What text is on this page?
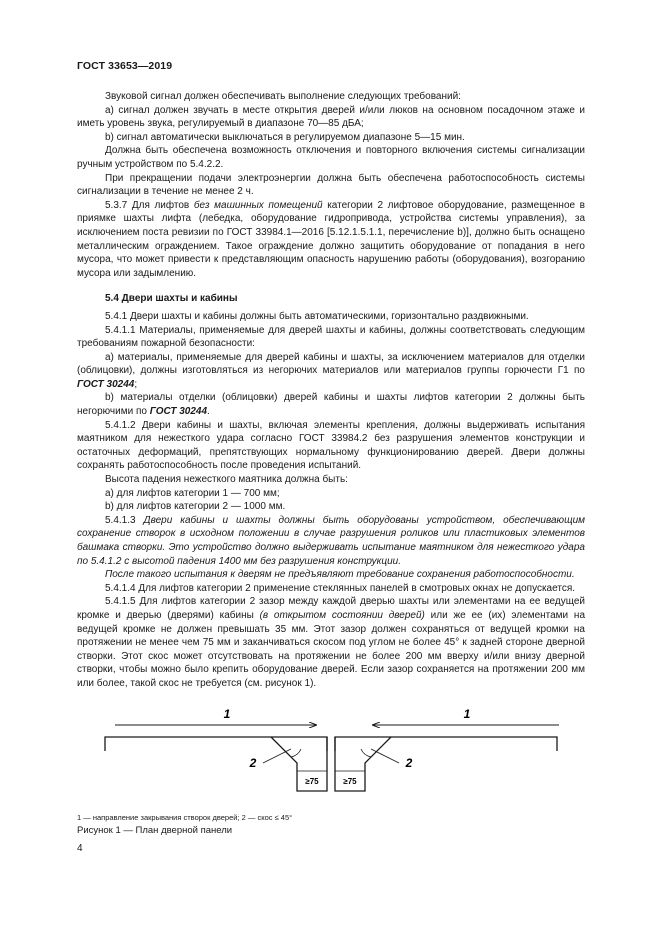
ГОСТ 33653—2019

Звуковой сигнал должен обеспечивать выполнение следующих требований:

a) сигнал должен звучать в месте открытия дверей и/или люков на основном посадочном этаже и иметь уровень звука, регулируемый в диапазоне 70—85 дБА;

b) сигнал автоматически выключаться в регулируемом диапазоне 5—15 мин.

Должна быть обеспечена возможность отключения и повторного включения системы сигнализации ручным устройством по 5.4.2.2.

При прекращении подачи электроэнергии должна быть обеспечена работоспособность системы сигнализации в течение не менее 2 ч.

5.3.7 Для лифтов без машинных помещений категории 2 лифтовое оборудование, размещенное в приямке шахты лифта (лебедка, оборудование гидропривода, устройства системы управления), за исключением поста ревизии по ГОСТ 33984.1—2016 [5.12.1.5.1.1, перечисление b)], должно быть оснащено металлическим ограждением. Такое ограждение должно защитить оборудование от попадания в него мусора, что может привести к представляющим опасность нарушению работы (оборудования), возгоранию мусора или задымлению.

5.4 Двери шахты и кабины

5.4.1 Двери шахты и кабины должны быть автоматическими, горизонтально раздвижными.

5.4.1.1 Материалы, применяемые для дверей шахты и кабины, должны соответствовать следующим требованиям пожарной безопасности:

a) материалы, применяемые для дверей кабины и шахты, за исключением материалов для отделки (облицовки), должны изготовляться из негорючих материалов или материалов группы горючести Г1 по ГОСТ 30244;

b) материалы отделки (облицовки) дверей кабины и шахты лифтов категории 2 должны быть негорючими по ГОСТ 30244.

5.4.1.2 Двери кабины и шахты, включая элементы крепления, должны выдерживать испытания маятником для нежесткого удара согласно ГОСТ 33984.2 без разрушения элементов конструкции и остаточных деформаций, препятствующих нормальному функционированию дверей. Двери должны сохранять работоспособность после проведения испытаний.

Высота падения нежесткого маятника должна быть:

a) для лифтов категории 1 — 700 мм;

b) для лифтов категории 2 — 1000 мм.

5.4.1.3 Двери кабины и шахты должны быть оборудованы устройством, обеспечивающим сохранение створок в исходном положении в случае разрушения роликов или пластиковых элементов башмака створки. Это устройство должно выдерживать испытание маятником для нежесткого удара по 5.4.1.2 с высотой падения 1400 мм без разрушения конструкции.

После такого испытания к дверям не предъявляют требование сохранения работоспособности.

5.4.1.4 Для лифтов категории 2 применение стеклянных панелей в смотровых окнах не допускается.

5.4.1.5 Для лифтов категории 2 зазор между каждой дверью шахты или элементами на ее ведущей кромке и дверью (дверями) кабины (в открытом состоянии дверей) или же ее (их) элементами на ведущей кромке не должен превышать 35 мм. Этот зазор должен сохраняться от ведущей кромки на протяжении не менее чем 75 мм и заканчиваться скосом под углом не более 45° к задней стороне дверной створки. Этот скос может отсутствовать на протяжении не более 200 мм вверху и/или внизу дверной створки, чтобы можно было крепить оборудование дверей. Если зазор сохраняется на протяжении 200 мм или более, такой скос не требуется (см. рисунок 1).

1	1
≥75
2
≥75
2

1 — направление закрывания створок дверей; 2 — скос ≤ 45°

Рисунок 1 — План дверной панели

4
